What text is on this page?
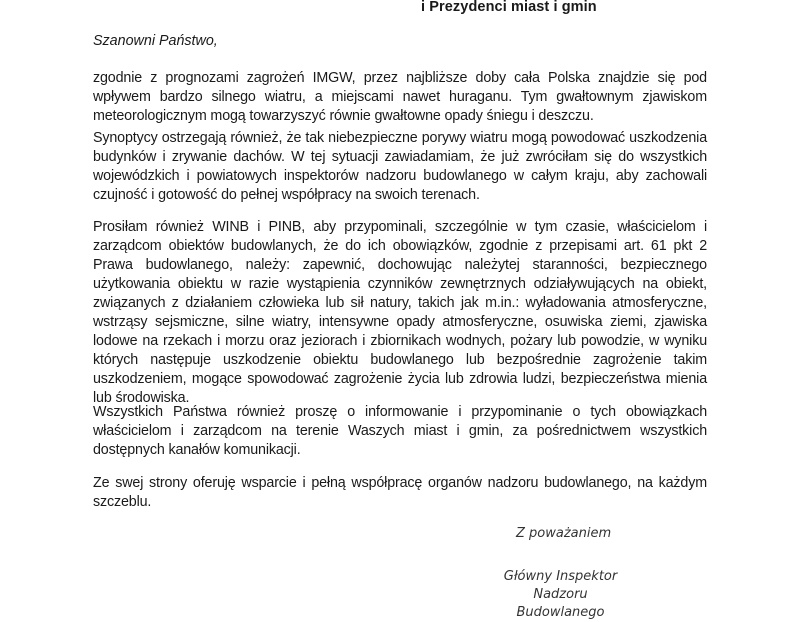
i Prezydenci miast i gmin
Szanowni Państwo,
zgodnie z prognozami zagrożeń IMGW, przez najbliższe doby cała Polska znajdzie się pod wpływem bardzo silnego wiatru, a miejscami nawet huraganu. Tym gwałtownym zjawiskom meteorologicznym mogą towarzyszyć równie gwałtowne opady śniegu i deszczu.
Synoptycy ostrzegają również, że tak niebezpieczne porywy wiatru mogą powodować uszkodzenia budynków i zrywanie dachów. W tej sytuacji zawiadamiam, że już zwróciłam się do wszystkich wojewódzkich i powiatowych inspektorów nadzoru budowlanego w całym kraju, aby zachowali czujność i gotowość do pełnej współpracy na swoich terenach.
Prosiłam również WINB i PINB, aby przypominali, szczególnie w tym czasie, właścicielom i zarządcom obiektów budowlanych, że do ich obowiązków, zgodnie z przepisami art. 61 pkt 2 Prawa budowlanego, należy: zapewnić, dochowując należytej staranności, bezpiecznego użytkowania obiektu w razie wystąpienia czynników zewnętrznych odziaływujących na obiekt, związanych z działaniem człowieka lub sił natury, takich jak m.in.: wyładowania atmosferyczne, wstrząsy sejsmiczne, silne wiatry, intensywne opady atmosferyczne, osuwiska ziemi, zjawiska lodowe na rzekach i morzu oraz jeziorach i zbiornikach wodnych, pożary lub powodzie, w wyniku których następuje uszkodzenie obiektu budowlanego lub bezpośrednie zagrożenie takim uszkodzeniem, mogące spowodować zagrożenie życia lub zdrowia ludzi, bezpieczeństwa mienia lub środowiska.
Wszystkich Państwa również proszę o informowanie i przypominanie o tych obowiązkach właścicielom i zarządcom na terenie Waszych miast i gmin, za pośrednictwem wszystkich dostępnych kanałów komunikacji.
Ze swej strony oferuję wsparcie i pełną współpracę organów nadzoru budowlanego, na każdym szczeblu.
Z poważaniem
Główny Inspektor
Nadzoru Budowlanego
